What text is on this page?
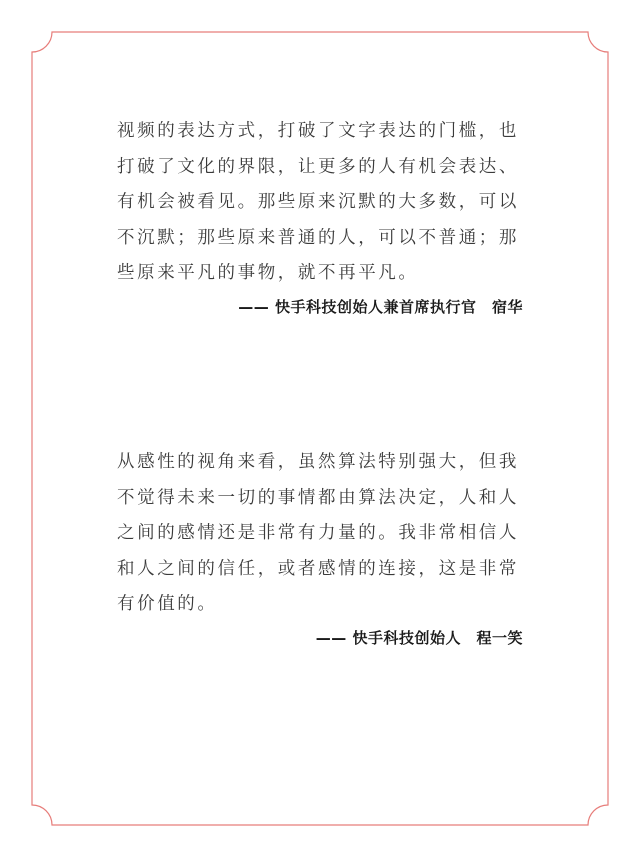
视频的表达方式，打破了文字表达的门槛，也打破了文化的界限，让更多的人有机会表达、有机会被看见。那些原来沉默的大多数，可以不沉默；那些原来普通的人，可以不普通；那些原来平凡的事物，就不再平凡。

—— 快手科技创始人兼首席执行官　宿华

从感性的视角来看，虽然算法特别强大，但我不觉得未来一切的事情都由算法决定，人和人之间的感情还是非常有力量的。我非常相信人和人之间的信任，或者感情的连接，这是非常有价值的。

—— 快手科技创始人　程一笑
